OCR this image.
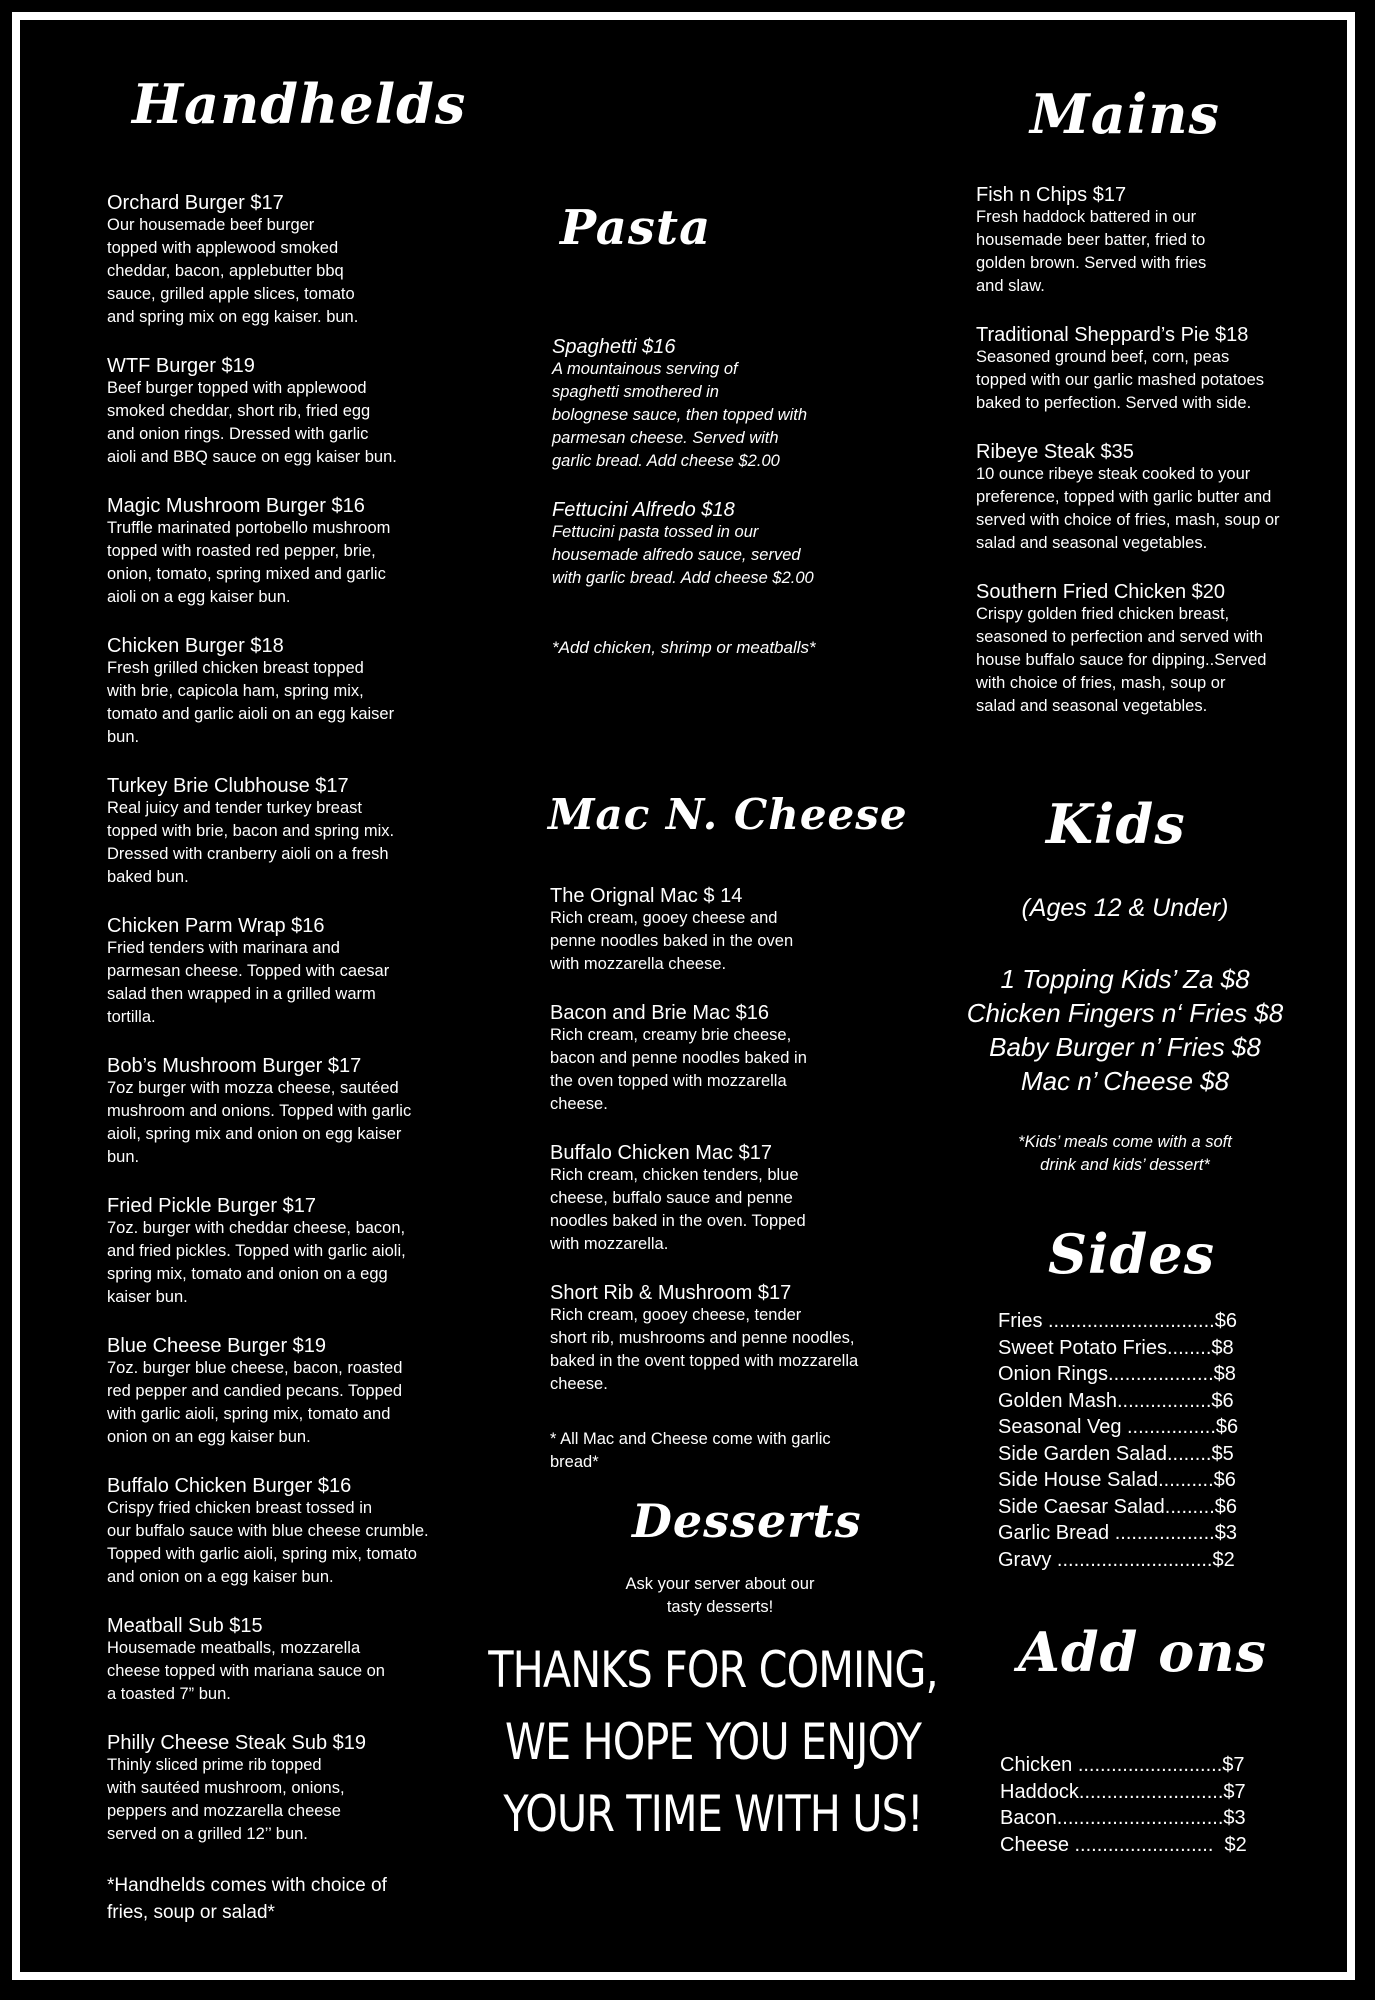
Handhelds
Orchard Burger $17
Our housemade beef burger
topped with applewood smoked
cheddar, bacon, applebutter bbq
sauce, grilled apple slices, tomato
and spring mix on egg kaiser. bun.
WTF Burger $19
Beef burger topped with applewood
smoked cheddar, short rib, fried egg
and onion rings. Dressed with garlic
aioli and BBQ sauce on egg kaiser bun.
Magic Mushroom Burger $16
Truffle marinated portobello mushroom
topped with roasted red pepper, brie,
onion, tomato, spring mixed and garlic
aioli on a egg kaiser bun.
Chicken Burger $18
Fresh grilled chicken breast topped
with brie, capicola ham, spring mix,
tomato and garlic aioli on an egg kaiser
bun.
Turkey Brie Clubhouse $17
Real juicy and tender turkey breast
topped with brie, bacon and spring mix.
Dressed with cranberry aioli on a fresh
baked bun.
Chicken Parm Wrap $16
Fried tenders with marinara and
parmesan cheese. Topped with caesar
salad then wrapped in a grilled warm
tortilla.
Bob’s Mushroom Burger $17
7oz burger with mozza cheese, sautéed
mushroom and onions. Topped with garlic
aioli, spring mix and onion on egg kaiser
bun.
Fried Pickle Burger $17
7oz. burger with cheddar cheese, bacon,
and fried pickles. Topped with garlic aioli,
spring mix, tomato and onion on a egg
kaiser bun.
Blue Cheese Burger $19
7oz. burger blue cheese, bacon, roasted
red pepper and candied pecans. Topped
with garlic aioli, spring mix, tomato and
onion on an egg kaiser bun.
Buffalo Chicken Burger $16
Crispy fried chicken breast tossed in
our buffalo sauce with blue cheese crumble.
Topped with garlic aioli, spring mix, tomato
and onion on a egg kaiser bun.
Meatball Sub $15
Housemade meatballs, mozzarella
cheese topped with mariana sauce on
a toasted 7” bun.
Philly Cheese Steak Sub $19
Thinly sliced prime rib topped
with sautéed mushroom, onions,
peppers and mozzarella cheese
served on a grilled 12’’ bun.
*Handhelds comes with choice of
fries, soup or salad*
Pasta
Spaghetti $16
A mountainous serving of
spaghetti smothered in
bolognese sauce, then topped with
parmesan cheese. Served with
garlic bread. Add cheese $2.00
Fettucini Alfredo $18
Fettucini pasta tossed in our
housemade alfredo sauce, served
with garlic bread. Add cheese $2.00
*Add chicken, shrimp or meatballs*
Mac N. Cheese
The Orignal Mac $ 14
Rich cream, gooey cheese and
penne noodles baked in the oven
with mozzarella cheese.
Bacon and Brie Mac $16
Rich cream, creamy brie cheese,
bacon and penne noodles baked in
the oven topped with mozzarella
cheese.
Buffalo Chicken Mac $17
Rich cream, chicken tenders, blue
cheese, buffalo sauce and penne
noodles baked in the oven. Topped
with mozzarella.
Short Rib & Mushroom $17
Rich cream, gooey cheese, tender
short rib, mushrooms and penne noodles,
baked in the ovent topped with mozzarella
cheese.
* All Mac and Cheese come with garlic
bread*
Desserts
Ask your server about our
tasty desserts!
THANKS FOR COMING,
WE HOPE YOU ENJOY
YOUR TIME WITH US!
Mains
Fish n Chips $17
Fresh haddock battered in our
housemade beer batter, fried to
golden brown. Served with fries
and slaw.
Traditional Sheppard’s Pie $18
Seasoned ground beef, corn, peas
topped with our garlic mashed potatoes
baked to perfection. Served with side.
Ribeye Steak $35
10 ounce ribeye steak cooked to your
preference, topped with garlic butter and
served with choice of fries, mash, soup or
salad and seasonal vegetables.
Southern Fried Chicken $20
Crispy golden fried chicken breast,
seasoned to perfection and served with
house buffalo sauce for dipping..Served
with choice of fries, mash, soup or
salad and seasonal vegetables.
Kids
(Ages 12 & Under)
1 Topping Kids’ Za $8
Chicken Fingers n‘ Fries $8
Baby Burger n’ Fries $8
Mac n’ Cheese $8
*Kids’ meals come with a soft
drink and kids’ dessert*
Sides
Fries ..............................$6
Sweet Potato Fries........$8
Onion Rings...................$8
Golden Mash.................$6
Seasonal Veg ................$6
Side Garden Salad........$5
Side House Salad..........$6
Side Caesar Salad.........$6
Garlic Bread ..................$3
Gravy ............................$2
Add ons
Chicken ..........................$7
Haddock..........................$7
Bacon..............................$3
Cheese .........................  $2
